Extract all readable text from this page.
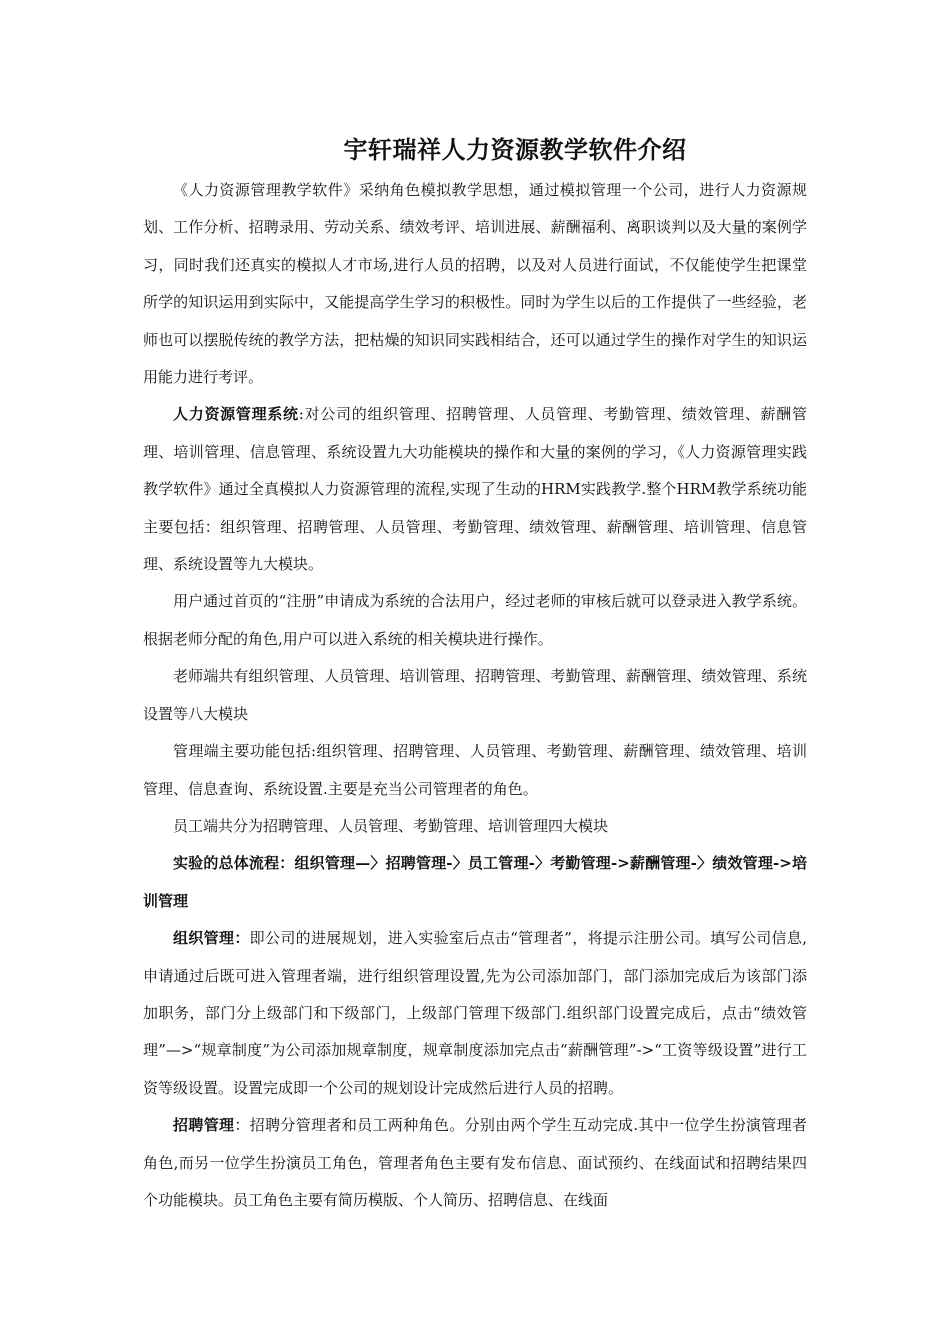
宇轩瑞祥人力资源教学软件介绍

《人力资源管理教学软件》采纳角色模拟教学思想，通过模拟管理一个公司，进行人力资源规划、工作分析、招聘录用、劳动关系、绩效考评、培训进展、薪酬福利、离职谈判以及大量的案例学习，同时我们还真实的模拟人才市场,进行人员的招聘，以及对人员进行面试，不仅能使学生把课堂所学的知识运用到实际中，又能提高学生学习的积极性。同时为学生以后的工作提供了一些经验，老师也可以摆脱传统的教学方法，把枯燥的知识同实践相结合，还可以通过学生的操作对学生的知识运用能力进行考评。

人力资源管理系统:对公司的组织管理、招聘管理、人员管理、考勤管理、绩效管理、薪酬管理、培训管理、信息管理、系统设置九大功能模块的操作和大量的案例的学习，《人力资源管理实践教学软件》通过全真模拟人力资源管理的流程,实现了生动的HRM实践教学.整个HRM教学系统功能主要包括：组织管理、招聘管理、人员管理、考勤管理、绩效管理、薪酬管理、培训管理、信息管理、系统设置等九大模块。

用户通过首页的“注册”申请成为系统的合法用户，经过老师的审核后就可以登录进入教学系统。根据老师分配的角色,用户可以进入系统的相关模块进行操作。

老师端共有组织管理、人员管理、培训管理、招聘管理、考勤管理、薪酬管理、绩效管理、系统设置等八大模块

管理端主要功能包括:组织管理、招聘管理、人员管理、考勤管理、薪酬管理、绩效管理、培训管理、信息查询、系统设置.主要是充当公司管理者的角色。

员工端共分为招聘管理、人员管理、考勤管理、培训管理四大模块

实验的总体流程：组织管理—〉招聘管理-〉员工管理-〉考勤管理->薪酬管理-〉绩效管理->培训管理

组织管理：即公司的进展规划，进入实验室后点击“管理者”，将提示注册公司。填写公司信息,申请通过后既可进入管理者端，进行组织管理设置,先为公司添加部门，部门添加完成后为该部门添加职务，部门分上级部门和下级部门，上级部门管理下级部门.组织部门设置完成后，点击“绩效管理”—>“规章制度”为公司添加规章制度，规章制度添加完点击“薪酬管理”->“工资等级设置”进行工资等级设置。设置完成即一个公司的规划设计完成然后进行人员的招聘。

招聘管理：招聘分管理者和员工两种角色。分别由两个学生互动完成.其中一位学生扮演管理者角色,而另一位学生扮演员工角色，管理者角色主要有发布信息、面试预约、在线面试和招聘结果四个功能模块。员工角色主要有简历模版、个人简历、招聘信息、在线面
